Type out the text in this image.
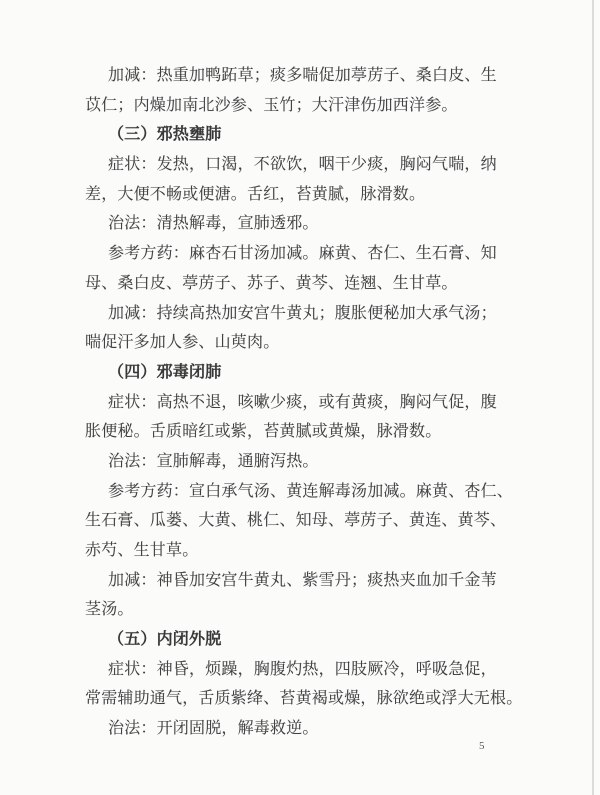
加减：热重加鸭跖草；痰多喘促加葶苈子、桑白皮、生
苡仁；内燥加南北沙参、玉竹；大汗津伤加西洋参。
（三）邪热壅肺
症状：发热，口渴，不欲饮，咽干少痰，胸闷气喘，纳
差，大便不畅或便溏。舌红，苔黄腻，脉滑数。
治法：清热解毒，宣肺透邪。
参考方药：麻杏石甘汤加减。麻黄、杏仁、生石膏、知
母、桑白皮、葶苈子、苏子、黄芩、连翘、生甘草。
加减：持续高热加安宫牛黄丸；腹胀便秘加大承气汤；
喘促汗多加人参、山萸肉。
（四）邪毒闭肺
症状：高热不退，咳嗽少痰，或有黄痰，胸闷气促，腹
胀便秘。舌质暗红或紫，苔黄腻或黄燥，脉滑数。
治法：宣肺解毒，通腑泻热。
参考方药：宣白承气汤、黄连解毒汤加减。麻黄、杏仁、
生石膏、瓜蒌、大黄、桃仁、知母、葶苈子、黄连、黄芩、
赤芍、生甘草。
加减：神昏加安宫牛黄丸、紫雪丹；痰热夹血加千金苇
茎汤。
（五）内闭外脱
症状：神昏，烦躁，胸腹灼热，四肢厥冷，呼吸急促，
常需辅助通气，舌质紫绛、苔黄褐或燥，脉欲绝或浮大无根。
治法：开闭固脱，解毒救逆。
5
